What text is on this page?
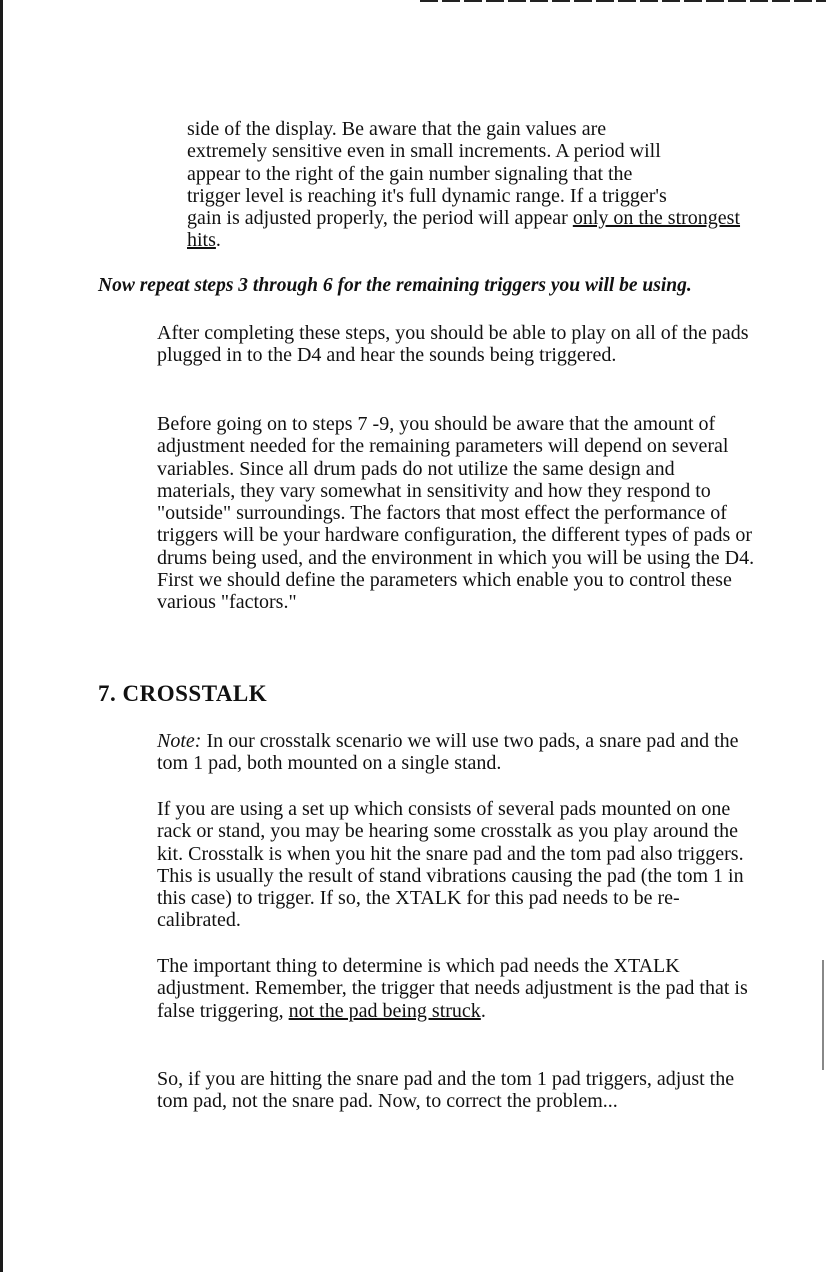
side of the display. Be aware that the gain values are
extremely sensitive even in small increments. A period will
appear to the right of the gain number signaling that the
trigger level is reaching it's full dynamic range. If a trigger's
gain is adjusted properly, the period will appear only on the strongest hits.

Now repeat steps 3 through 6 for the remaining triggers you will be using.

After completing these steps, you should be able to play on all of the pads plugged in to the D4 and hear the sounds being triggered.

Before going on to steps 7 -9, you should be aware that the amount of adjustment needed for the remaining parameters will depend on several variables. Since all drum pads do not utilize the same design and materials, they vary somewhat in sensitivity and how they respond to "outside" surroundings. The factors that most effect the performance of triggers will be your hardware configuration, the different types of pads or drums being used, and the environment in which you will be using the D4. First we should define the parameters which enable you to control these various "factors."

7. CROSSTALK

Note: In our crosstalk scenario we will use two pads, a snare pad and the tom 1 pad, both mounted on a single stand.

If you are using a set up which consists of several pads mounted on one rack or stand, you may be hearing some crosstalk as you play around the kit. Crosstalk is when you hit the snare pad and the tom pad also triggers. This is usually the result of stand vibrations causing the pad (the tom 1 in this case) to trigger. If so, the XTALK for this pad needs to be re-calibrated.

The important thing to determine is which pad needs the XTALK adjustment. Remember, the trigger that needs adjustment is the pad that is false triggering, not the pad being struck.

So, if you are hitting the snare pad and the tom 1 pad triggers, adjust the tom pad, not the snare pad. Now, to correct the problem...
